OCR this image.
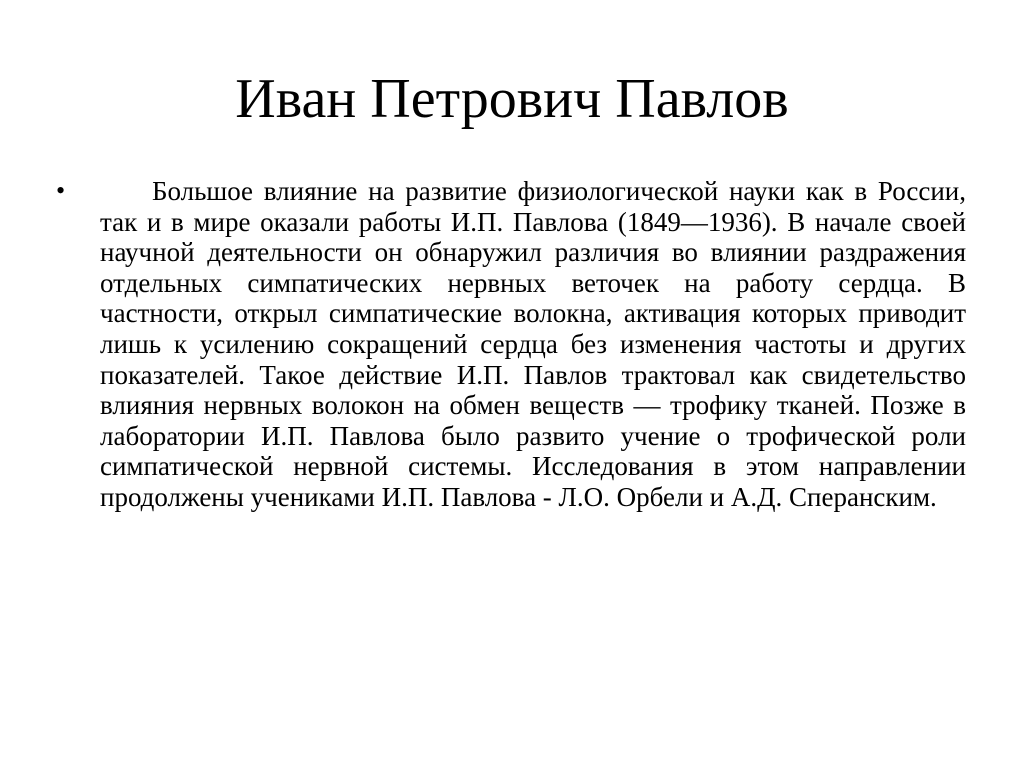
Иван Петрович Павлов
•	Большое влияние на развитие физиологической науки как в России, так и в мире оказали работы И.П. Павлова (1849—1936). В начале своей научной деятельности он обнаружил различия во влиянии раздражения отдельных симпатических нервных веточек на работу сердца. В частности, открыл симпатические волокна, активация которых приводит лишь к усилению сокращений сердца без изменения частоты и других показателей. Такое действие И.П. Павлов трактовал как свидетельство влияния нервных волокон на обмен веществ — трофику тканей. Позже в лаборатории И.П. Павлова было развито учение о трофической роли симпатической нервной системы. Исследования в этом направлении продолжены учениками И.П. Павлова - Л.О. Орбели и А.Д. Сперанским.
